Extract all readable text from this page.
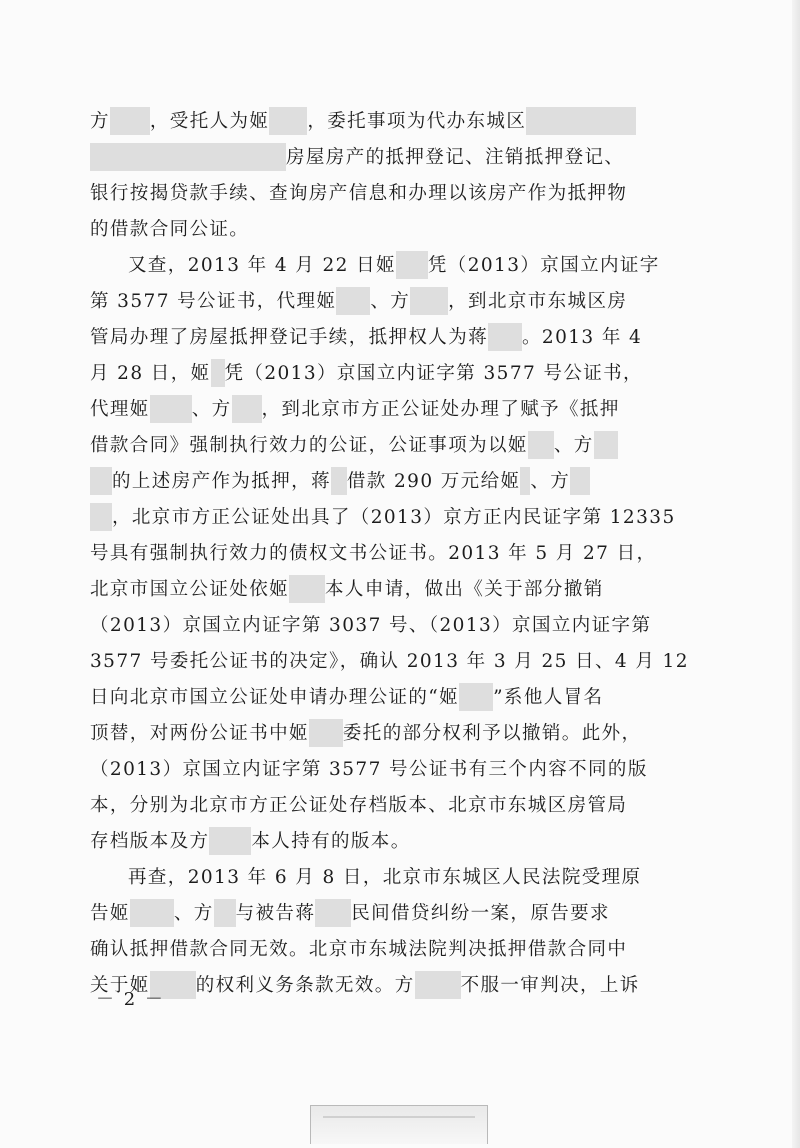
方 ，受托人为姬 ，委托事项为代办东城区
房屋房产的抵押登记、注销抵押登记、
银行按揭贷款手续、查询房产信息和办理以该房产作为抵押物
的借款合同公证。
又查，2013 年 4 月 22 日姬 凭（2013）京国立内证字
第 3577 号公证书，代理姬 、方 ，到北京市东城区房
管局办理了房屋抵押登记手续，抵押权人为蒋 。2013 年 4
月 28 日，姬 凭（2013）京国立内证字第 3577 号公证书，
代理姬 、方 ，到北京市方正公证处办理了赋予《抵押
借款合同》强制执行效力的公证，公证事项为以姬 、方
的上述房产作为抵押，蒋 借款 290 万元给姬 、方
，北京市方正公证处出具了（2013）京方正内民证字第 12335
号具有强制执行效力的债权文书公证书。2013 年 5 月 27 日，
北京市国立公证处依姬 本人申请，做出《关于部分撤销
（2013）京国立内证字第 3037 号、（2013）京国立内证字第
3577 号委托公证书的决定》，确认 2013 年 3 月 25 日、4 月 12
日向北京市国立公证处申请办理公证的“姬 ”系他人冒名
顶替，对两份公证书中姬 委托的部分权利予以撤销。此外，
（2013）京国立内证字第 3577 号公证书有三个内容不同的版
本，分别为北京市方正公证处存档版本、北京市东城区房管局
存档版本及方 本人持有的版本。
再查，2013 年 6 月 8 日，北京市东城区人民法院受理原
告姬 、方 与被告蒋 民间借贷纠纷一案，原告要求
确认抵押借款合同无效。北京市东城法院判决抵押借款合同中
关于姬 的权利义务条款无效。方 不服一审判决，上诉
－ 2 －
